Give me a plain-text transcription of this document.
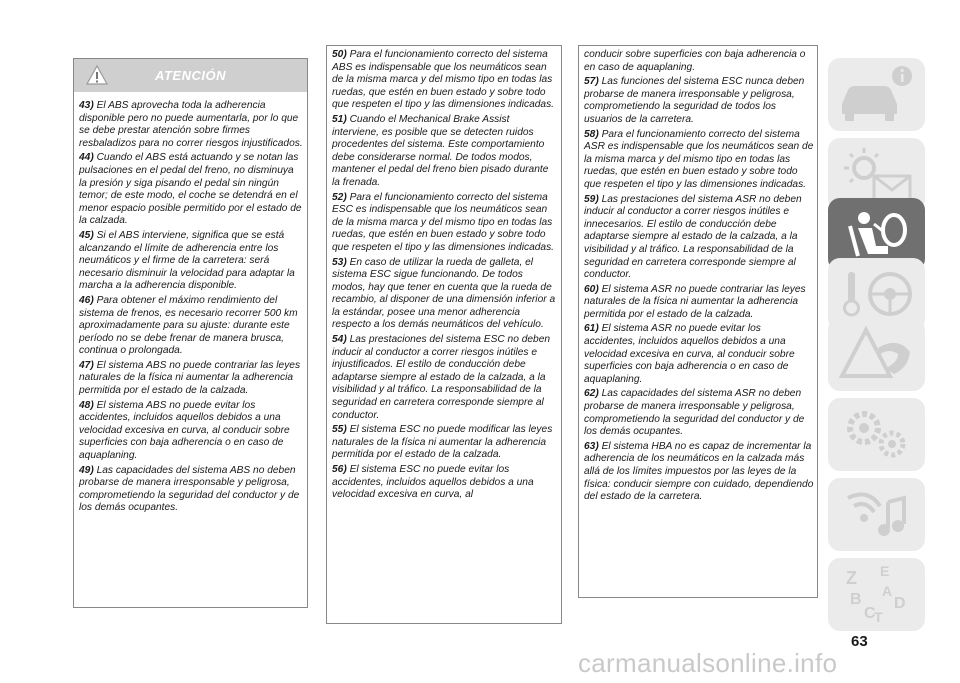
ATENCIÓN
43) El ABS aprovecha toda la adherencia disponible pero no puede aumentarla, por lo que se debe prestar atención sobre firmes resbaladizos para no correr riesgos injustificados.
44) Cuando el ABS está actuando y se notan las pulsaciones en el pedal del freno, no disminuya la presión y siga pisando el pedal sin ningún temor; de este modo, el coche se detendrá en el menor espacio posible permitido por el estado de la calzada.
45) Si el ABS interviene, significa que se está alcanzando el límite de adherencia entre los neumáticos y el firme de la carretera: será necesario disminuir la velocidad para adaptar la marcha a la adherencia disponible.
46) Para obtener el máximo rendimiento del sistema de frenos, es necesario recorrer 500 km aproximadamente para su ajuste: durante este período no se debe frenar de manera brusca, continua o prolongada.
47) El sistema ABS no puede contrariar las leyes naturales de la física ni aumentar la adherencia permitida por el estado de la calzada.
48) El sistema ABS no puede evitar los accidentes, incluidos aquellos debidos a una velocidad excesiva en curva, al conducir sobre superficies con baja adherencia o en caso de aquaplaning.
49) Las capacidades del sistema ABS no deben probarse de manera irresponsable y peligrosa, comprometiendo la seguridad del conductor y de los demás ocupantes.
50) Para el funcionamiento correcto del sistema ABS es indispensable que los neumáticos sean de la misma marca y del mismo tipo en todas las ruedas, que estén en buen estado y sobre todo que respeten el tipo y las dimensiones indicadas.
51) Cuando el Mechanical Brake Assist interviene, es posible que se detecten ruidos procedentes del sistema. Este comportamiento debe considerarse normal. De todos modos, mantener el pedal del freno bien pisado durante la frenada.
52) Para el funcionamiento correcto del sistema ESC es indispensable que los neumáticos sean de la misma marca y del mismo tipo en todas las ruedas, que estén en buen estado y sobre todo que respeten el tipo y las dimensiones indicadas.
53) En caso de utilizar la rueda de galleta, el sistema ESC sigue funcionando. De todos modos, hay que tener en cuenta que la rueda de recambio, al disponer de una dimensión inferior a la estándar, posee una menor adherencia respecto a los demás neumáticos del vehículo.
54) Las prestaciones del sistema ESC no deben inducir al conductor a correr riesgos inútiles e injustificados. El estilo de conducción debe adaptarse siempre al estado de la calzada, a la visibilidad y al tráfico. La responsabilidad de la seguridad en carretera corresponde siempre al conductor.
55) El sistema ESC no puede modificar las leyes naturales de la física ni aumentar la adherencia permitida por el estado de la calzada.
56) El sistema ESC no puede evitar los accidentes, incluidos aquellos debidos a una velocidad excesiva en curva, al
conducir sobre superficies con baja adherencia o en caso de aquaplaning.
57) Las funciones del sistema ESC nunca deben probarse de manera irresponsable y peligrosa, comprometiendo la seguridad de todos los usuarios de la carretera.
58) Para el funcionamiento correcto del sistema ASR es indispensable que los neumáticos sean de la misma marca y del mismo tipo en todas las ruedas, que estén en buen estado y sobre todo que respeten el tipo y las dimensiones indicadas.
59) Las prestaciones del sistema ASR no deben inducir al conductor a correr riesgos inútiles e innecesarios. El estilo de conducción debe adaptarse siempre al estado de la calzada, a la visibilidad y al tráfico. La responsabilidad de la seguridad en carretera corresponde siempre al conductor.
60) El sistema ASR no puede contrariar las leyes naturales de la física ni aumentar la adherencia permitida por el estado de la calzada.
61) El sistema ASR no puede evitar los accidentes, incluidos aquellos debidos a una velocidad excesiva en curva, al conducir sobre superficies con baja adherencia o en caso de aquaplaning.
62) Las capacidades del sistema ASR no deben probarse de manera irresponsable y peligrosa, comprometiendo la seguridad del conductor y de los demás ocupantes.
63) El sistema HBA no es capaz de incrementar la adherencia de los neumáticos en la calzada más allá de los límites impuestos por las leyes de la física: conducir siempre con cuidado, dependiendo del estado de la carretera.
Z E
B
C
D
T
A
63
carmanualsonline.info
